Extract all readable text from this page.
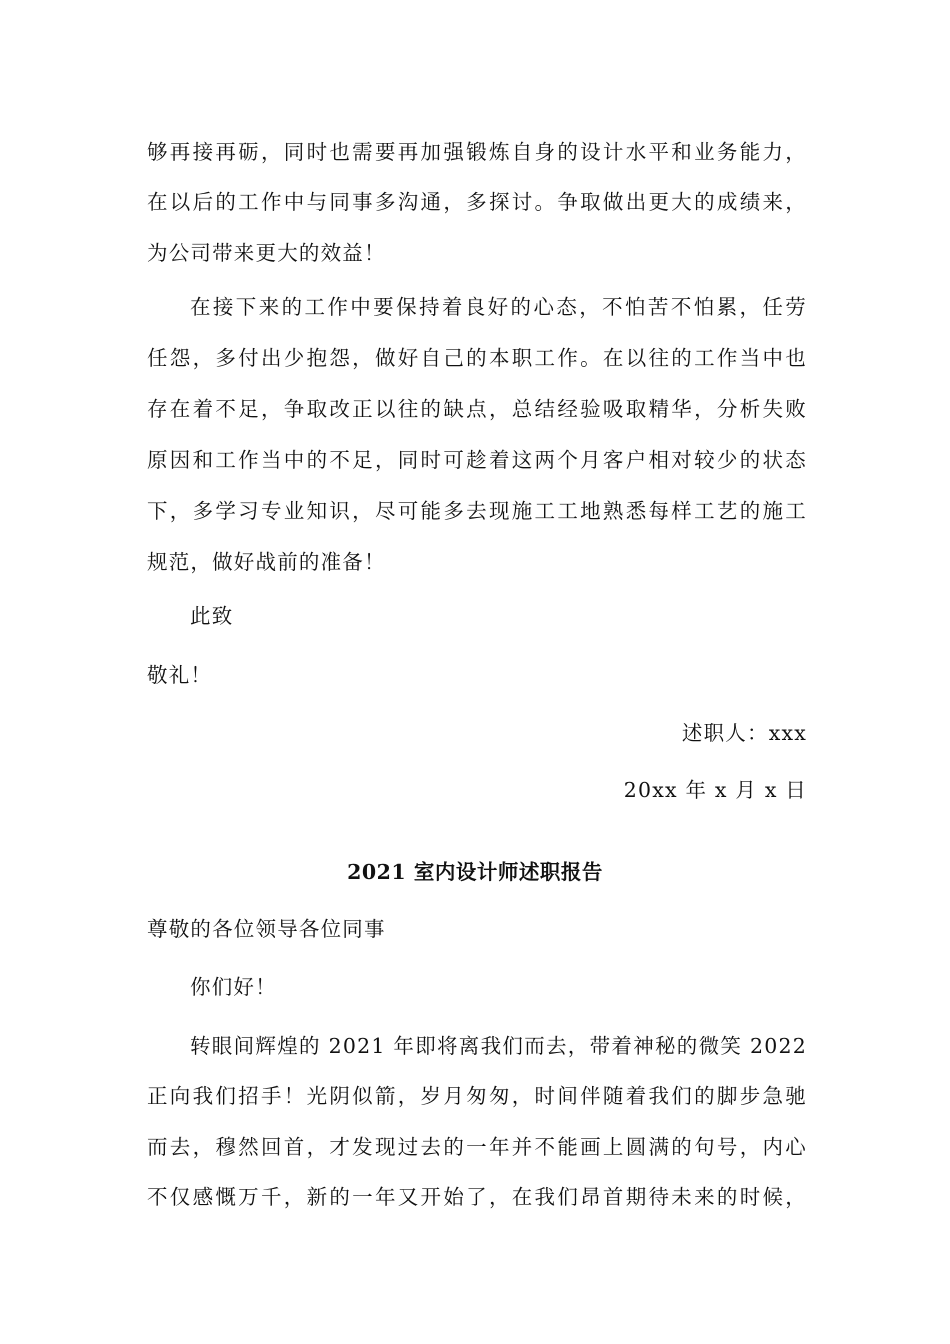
够再接再砺，同时也需要再加强锻炼自身的设计水平和业务能力，
在以后的工作中与同事多沟通，多探讨。争取做出更大的成绩来，
为公司带来更大的效益！
在接下来的工作中要保持着良好的心态，不怕苦不怕累，任劳
任怨，多付出少抱怨，做好自己的本职工作。在以往的工作当中也
存在着不足，争取改正以往的缺点，总结经验吸取精华，分析失败
原因和工作当中的不足，同时可趁着这两个月客户相对较少的状态
下，多学习专业知识，尽可能多去现施工工地熟悉每样工艺的施工
规范，做好战前的准备！
此致
敬礼！
述职人：xxx
20xx 年 x 月 x 日
2021 室内设计师述职报告
尊敬的各位领导各位同事
你们好！
转眼间辉煌的 2021 年即将离我们而去，带着神秘的微笑 2022
正向我们招手！光阴似箭，岁月匆匆，时间伴随着我们的脚步急驰
而去，穆然回首，才发现过去的一年并不能画上圆满的句号，内心
不仅感慨万千，新的一年又开始了，在我们昂首期待未来的时候，
